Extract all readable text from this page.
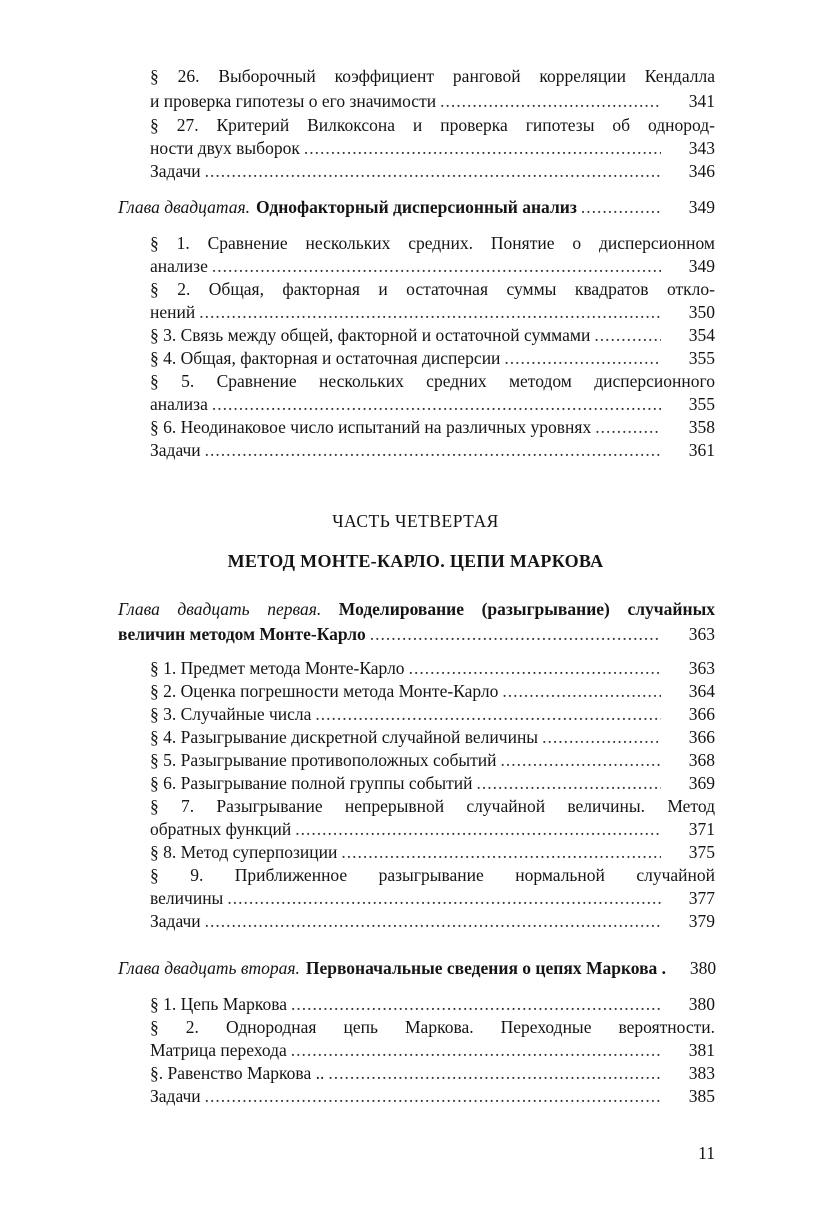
§ 26. Выборочный коэффициент ранговой корреляции Кендалла
и проверка гипотезы о его значимости .....	341
§ 27. Критерий Вилкоксона и проверка гипотезы об однород-
ности двух выборок .....	343
Задачи .....	346
Глава двадцатая. Однофакторный дисперсионный анализ .....	349
§ 1. Сравнение нескольких средних. Понятие о дисперсионном
анализе .....	349
§ 2. Общая, факторная и остаточная суммы квадратов откло-
нений .....	350
§ 3. Связь между общей, факторной и остаточной суммами .....	354
§ 4. Общая, факторная и остаточная дисперсии .....	355
§ 5. Сравнение нескольких средних методом дисперсионного
анализа .....	355
§ 6. Неодинаковое число испытаний на различных уровнях .....	358
Задачи .....	361
ЧАСТЬ ЧЕТВЕРТАЯ
МЕТОД МОНТЕ-КАРЛО. ЦЕПИ МАРКОВА
Глава двадцать первая. Моделирование (разыгрывание) случайных
величин методом Монте-Карло .....	363
§ 1. Предмет метода Монте-Карло .....	363
§ 2. Оценка погрешности метода Монте-Карло .....	364
§ 3. Случайные числа .....	366
§ 4. Разыгрывание дискретной случайной величины .....	366
§ 5. Разыгрывание противоположных событий .....	368
§ 6. Разыгрывание полной группы событий .....	369
§ 7. Разыгрывание непрерывной случайной величины. Метод
обратных функций .....	371
§ 8. Метод суперпозиции .....	375
§ 9. Приближенное разыгрывание нормальной случайной
величины .....	377
Задачи .....	379
Глава двадцать вторая. Первоначальные сведения о цепях Маркова .	380
§ 1. Цепь Маркова .....	380
§ 2. Однородная цепь Маркова. Переходные вероятности.
Матрица перехода .....	381
§. Равенство Маркова .. .....	383
Задачи .....	385
11
